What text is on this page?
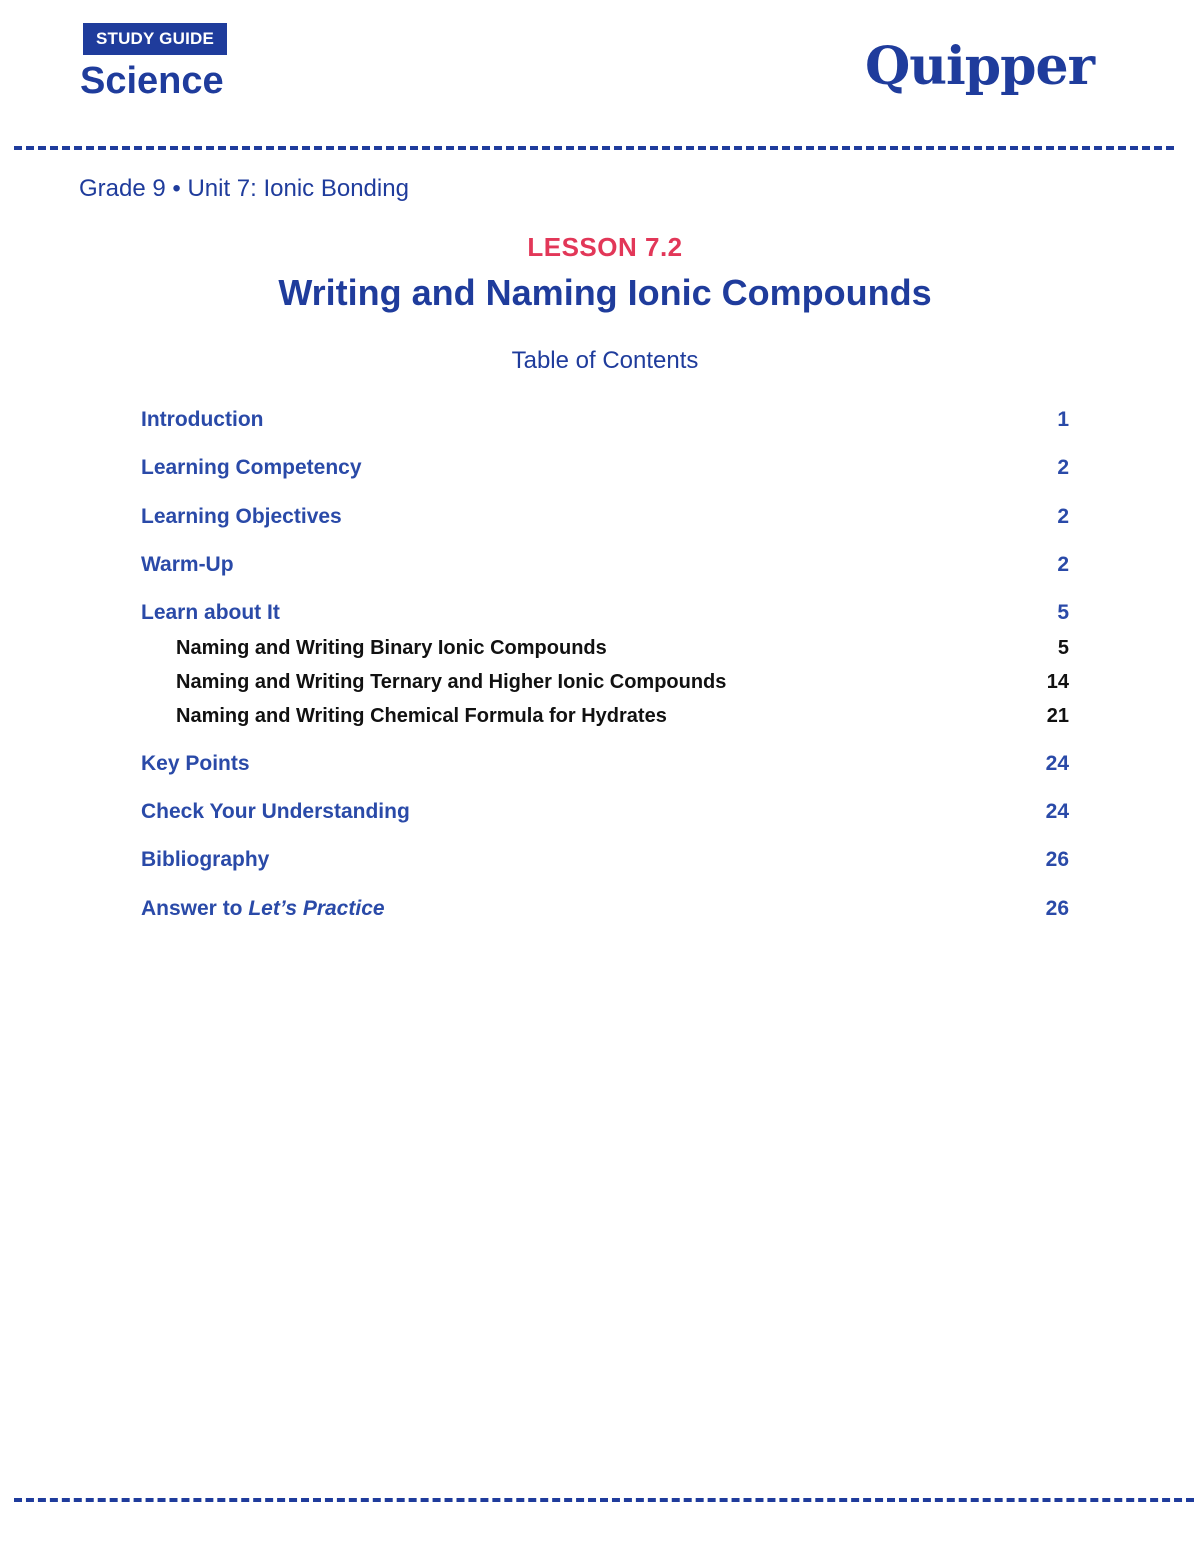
STUDY GUIDE
Science	Quipper
Grade 9 • Unit 7: Ionic Bonding
LESSON 7.2
Writing and Naming Ionic Compounds
Table of Contents
Introduction	1
Learning Competency	2
Learning Objectives	2
Warm-Up	2
Learn about It	5
Naming and Writing Binary Ionic Compounds	5
Naming and Writing Ternary and Higher Ionic Compounds	14
Naming and Writing Chemical Formula for Hydrates	21
Key Points	24
Check Your Understanding	24
Bibliography	26
Answer to Let’s Practice	26
